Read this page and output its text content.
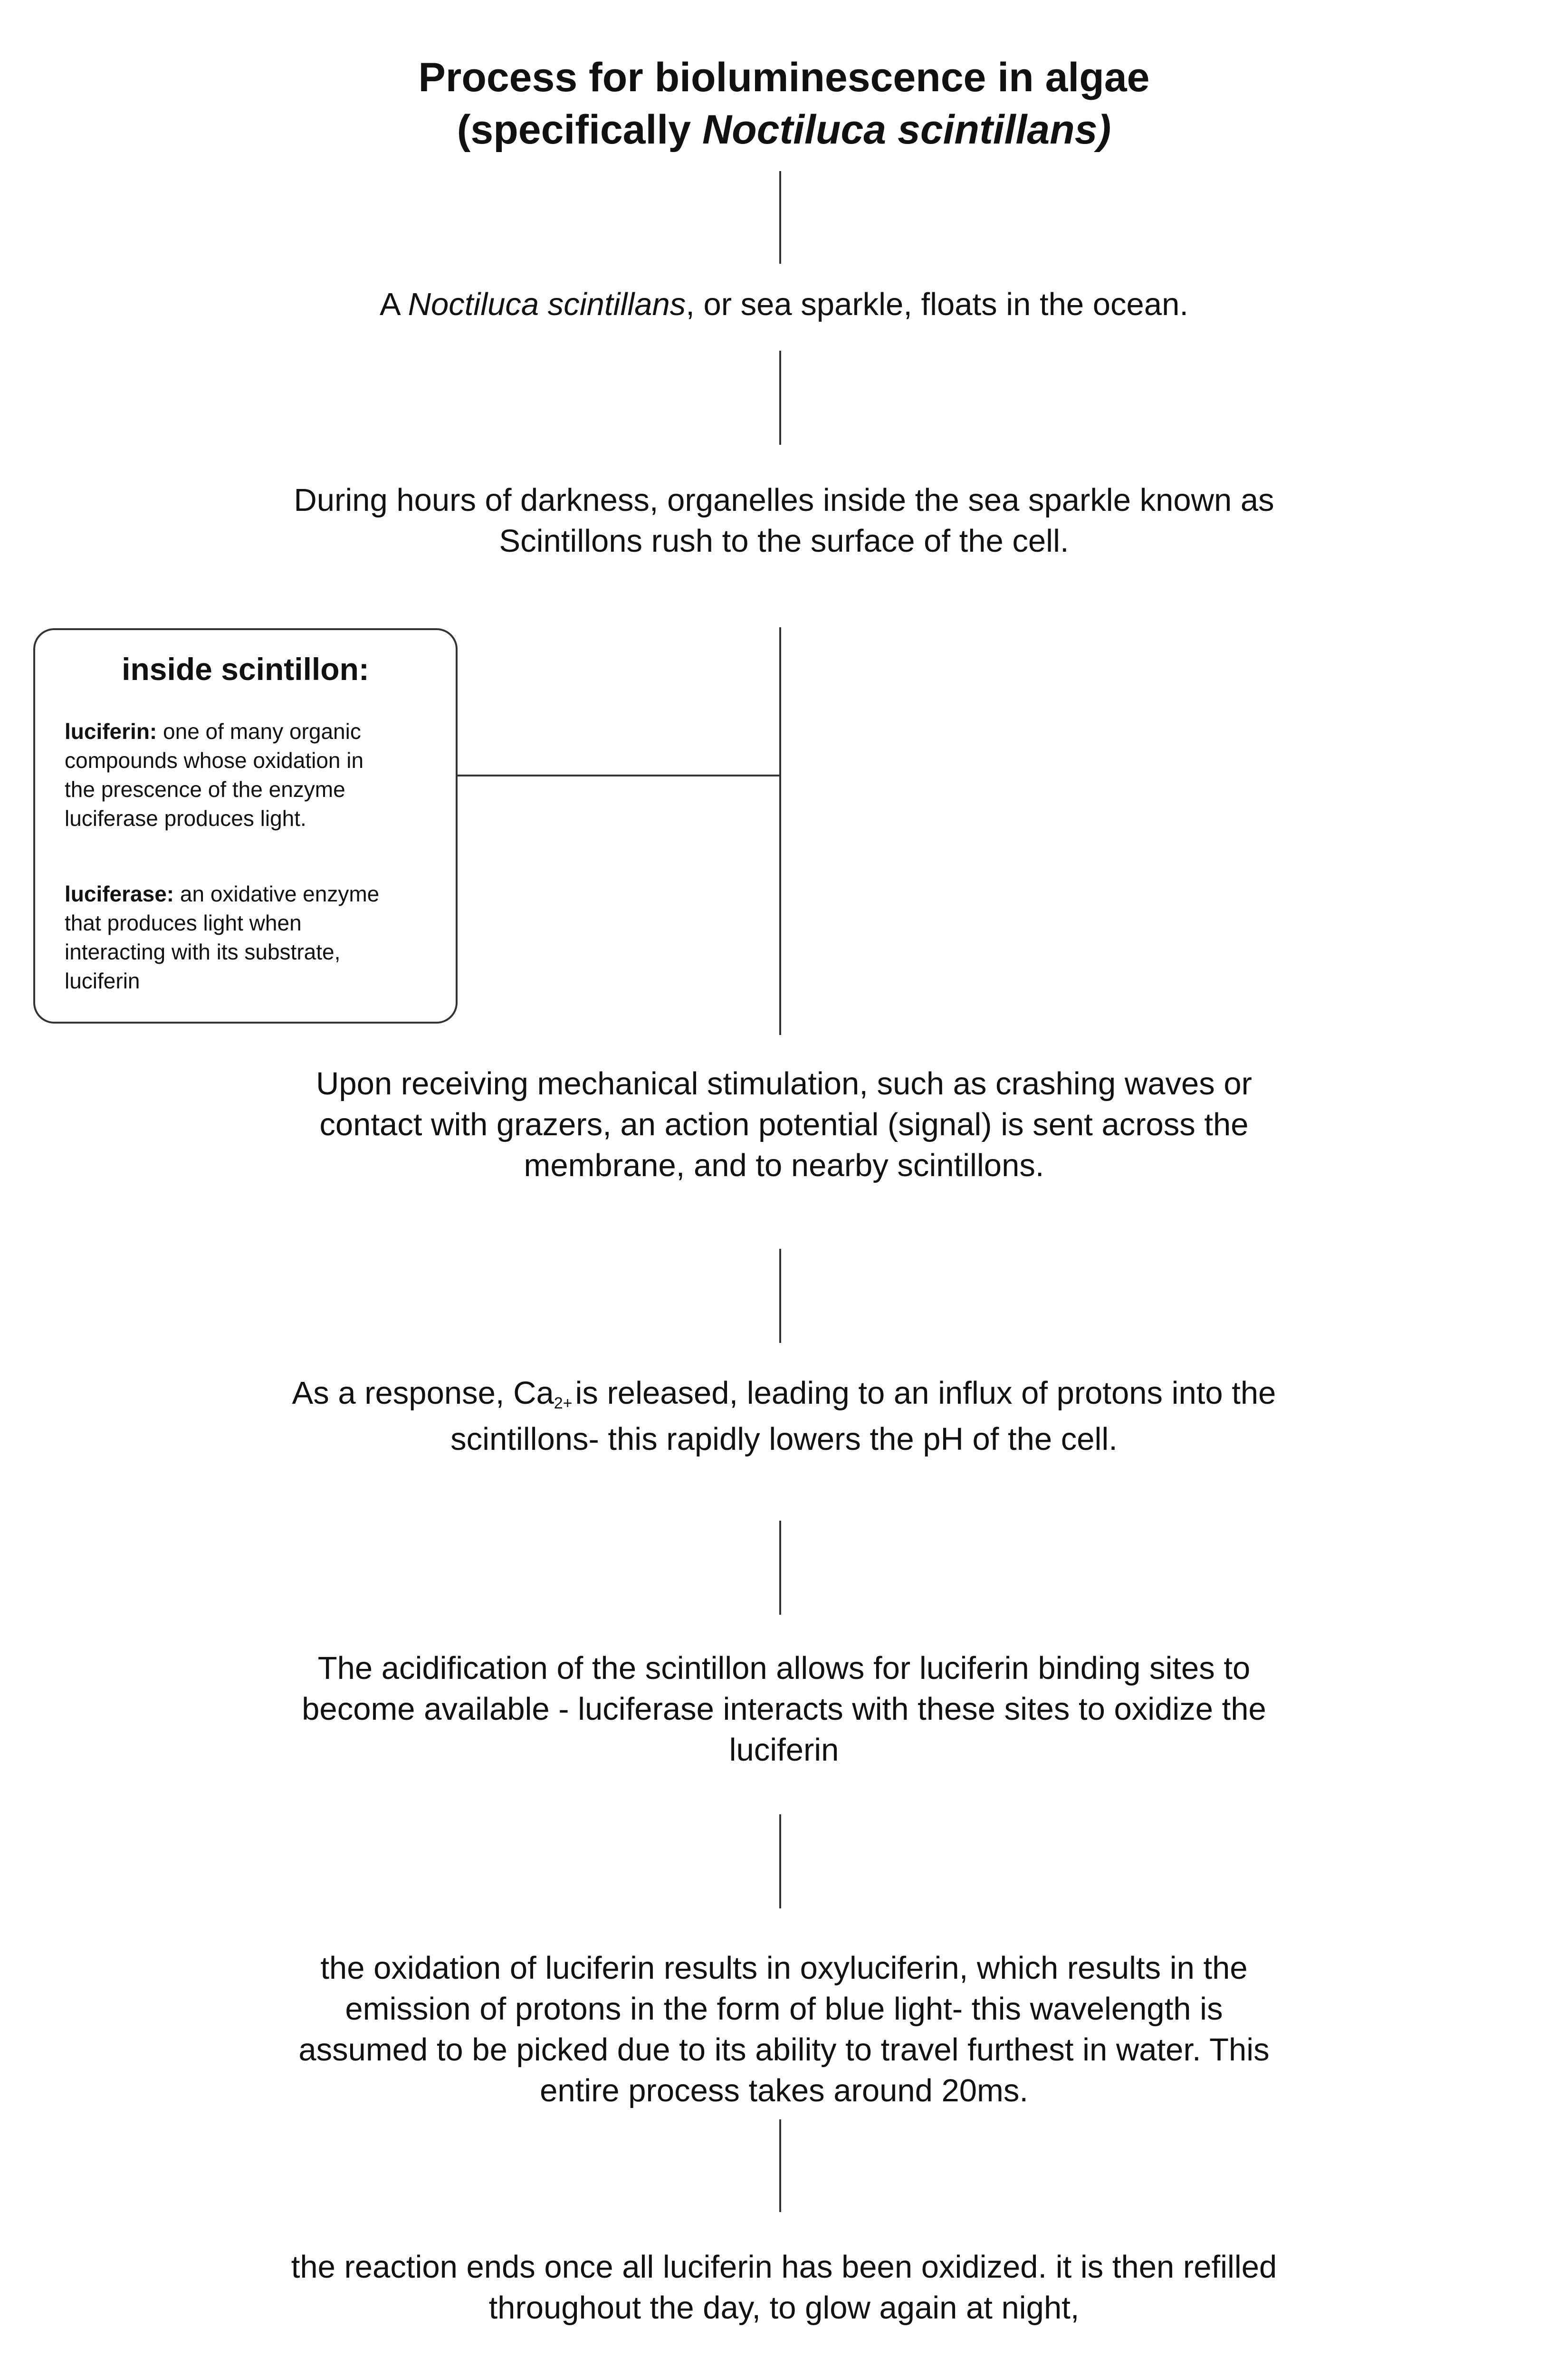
Process for bioluminescence in algae
(specifically Noctiluca scintillans)
A Noctiluca scintillans, or sea sparkle, floats in the ocean.
During hours of darkness, organelles inside the sea sparkle known as
Scintillons rush to the surface of the cell.
inside scintillon:
luciferin: one of many organic
compounds whose oxidation in
the prescence of the enzyme
luciferase produces light.
luciferase: an oxidative enzyme
that produces light when
interacting with its substrate,
luciferin
Upon receiving mechanical stimulation, such as crashing waves or
contact with grazers, an action potential (signal) is sent across the
membrane, and to nearby scintillons.
As a response, Ca2+is released, leading to an influx of protons into the
scintillons- this rapidly lowers the pH of the cell.
The acidification of the scintillon allows for luciferin binding sites to
become available - luciferase interacts with these sites to oxidize the
luciferin
the oxidation of luciferin results in oxyluciferin, which results in the
emission of protons in the form of blue light- this wavelength is
assumed to be picked due to its ability to travel furthest in water. This
entire process takes around 20ms.
the reaction ends once all luciferin has been oxidized. it is then refilled
throughout the day, to glow again at night,
